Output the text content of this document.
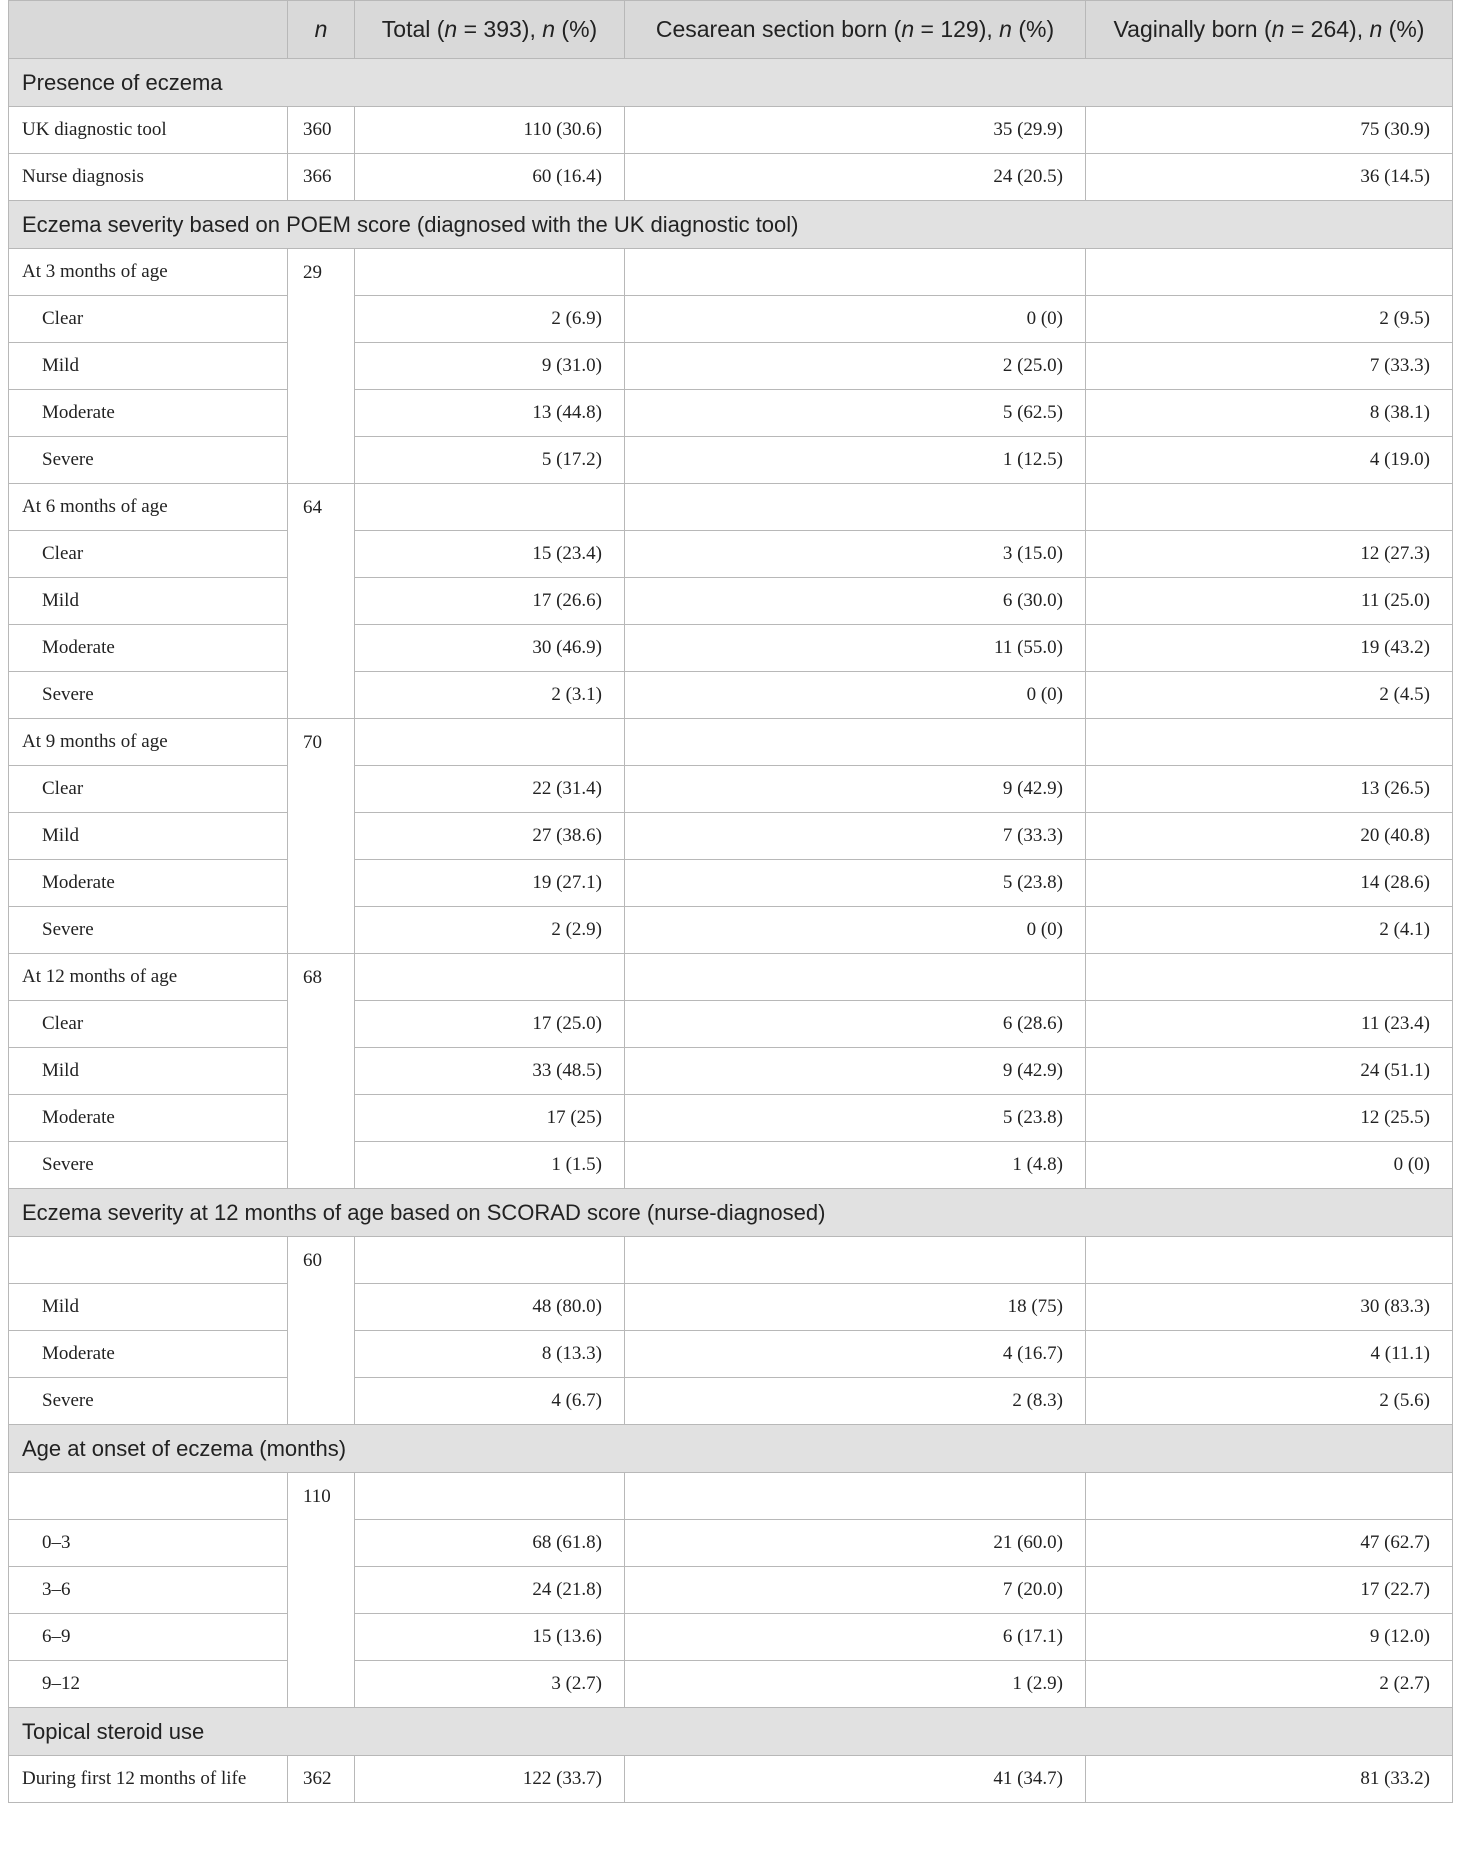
	n	Total (n = 393), n (%)	Cesarean section born (n = 129), n (%)	Vaginally born (n = 264), n (%)
Presence of eczema				
UK diagnostic tool	360	110 (30.6)	35 (29.9)	75 (30.9)
Nurse diagnosis	366	60 (16.4)	24 (20.5)	36 (14.5)
Eczema severity based on POEM score (diagnosed with the UK diagnostic tool)				
At 3 months of age	29			
Clear		2 (6.9)	0 (0)	2 (9.5)
Mild		9 (31.0)	2 (25.0)	7 (33.3)
Moderate		13 (44.8)	5 (62.5)	8 (38.1)
Severe		5 (17.2)	1 (12.5)	4 (19.0)
At 6 months of age	64			
Clear		15 (23.4)	3 (15.0)	12 (27.3)
Mild		17 (26.6)	6 (30.0)	11 (25.0)
Moderate		30 (46.9)	11 (55.0)	19 (43.2)
Severe		2 (3.1)	0 (0)	2 (4.5)
At 9 months of age	70			
Clear		22 (31.4)	9 (42.9)	13 (26.5)
Mild		27 (38.6)	7 (33.3)	20 (40.8)
Moderate		19 (27.1)	5 (23.8)	14 (28.6)
Severe		2 (2.9)	0 (0)	2 (4.1)
At 12 months of age	68			
Clear		17 (25.0)	6 (28.6)	11 (23.4)
Mild		33 (48.5)	9 (42.9)	24 (51.1)
Moderate		17 (25)	5 (23.8)	12 (25.5)
Severe		1 (1.5)	1 (4.8)	0 (0)
Eczema severity at 12 months of age based on SCORAD score (nurse-diagnosed)				
	60			
Mild		48 (80.0)	18 (75)	30 (83.3)
Moderate		8 (13.3)	4 (16.7)	4 (11.1)
Severe		4 (6.7)	2 (8.3)	2 (5.6)
Age at onset of eczema (months)				
	110			
0–3		68 (61.8)	21 (60.0)	47 (62.7)
3–6		24 (21.8)	7 (20.0)	17 (22.7)
6–9		15 (13.6)	6 (17.1)	9 (12.0)
9–12		3 (2.7)	1 (2.9)	2 (2.7)
Topical steroid use				
During first 12 months of life	362	122 (33.7)	41 (34.7)	81 (33.2)
